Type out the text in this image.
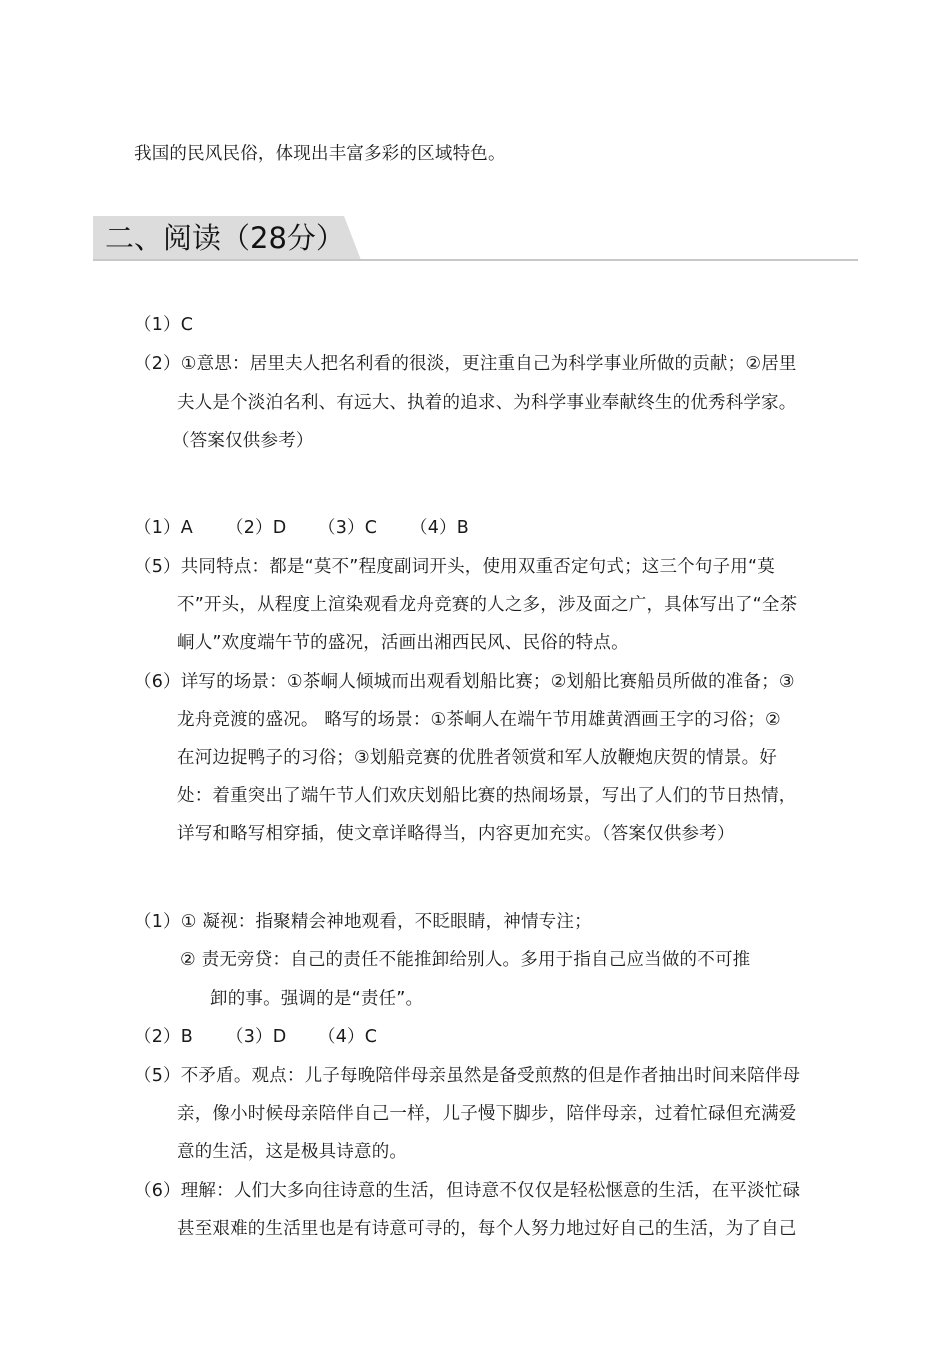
我国的民风民俗，体现出丰富多彩的区域特色。
二、阅读（28分）
（1）C
（2）①意思：居里夫人把名利看的很淡，更注重自己为科学事业所做的贡献；②居里
夫人是个淡泊名利、有远大、执着的追求、为科学事业奉献终生的优秀科学家。
（答案仅供参考）
（1）A （2）D （3）C （4）B
（5）共同特点：都是“莫不”程度副词开头，使用双重否定句式；这三个句子用“莫
不”开头，从程度上渲染观看龙舟竞赛的人之多，涉及面之广，具体写出了“全茶
峒人”欢度端午节的盛况，活画出湘西民风、民俗的特点。
（6）详写的场景：①茶峒人倾城而出观看划船比赛；②划船比赛船员所做的准备；③
龙舟竞渡的盛况。 略写的场景：①茶峒人在端午节用雄黄酒画王字的习俗；②
在河边捉鸭子的习俗；③划船竞赛的优胜者领赏和军人放鞭炮庆贺的情景。好
处：着重突出了端午节人们欢庆划船比赛的热闹场景，写出了人们的节日热情，
详写和略写相穿插，使文章详略得当，内容更加充实。（答案仅供参考）
（1）① 凝视：指聚精会神地观看，不眨眼睛，神情专注；
② 责无旁贷：自己的责任不能推卸给别人。多用于指自己应当做的不可推
卸的事。强调的是“责任”。
（2）B （3）D （4）C
（5）不矛盾。观点：儿子每晚陪伴母亲虽然是备受煎熬的但是作者抽出时间来陪伴母
亲，像小时候母亲陪伴自己一样，儿子慢下脚步，陪伴母亲，过着忙碌但充满爱
意的生活，这是极具诗意的。
（6）理解：人们大多向往诗意的生活，但诗意不仅仅是轻松惬意的生活，在平淡忙碌
甚至艰难的生活里也是有诗意可寻的，每个人努力地过好自己的生活，为了自己
